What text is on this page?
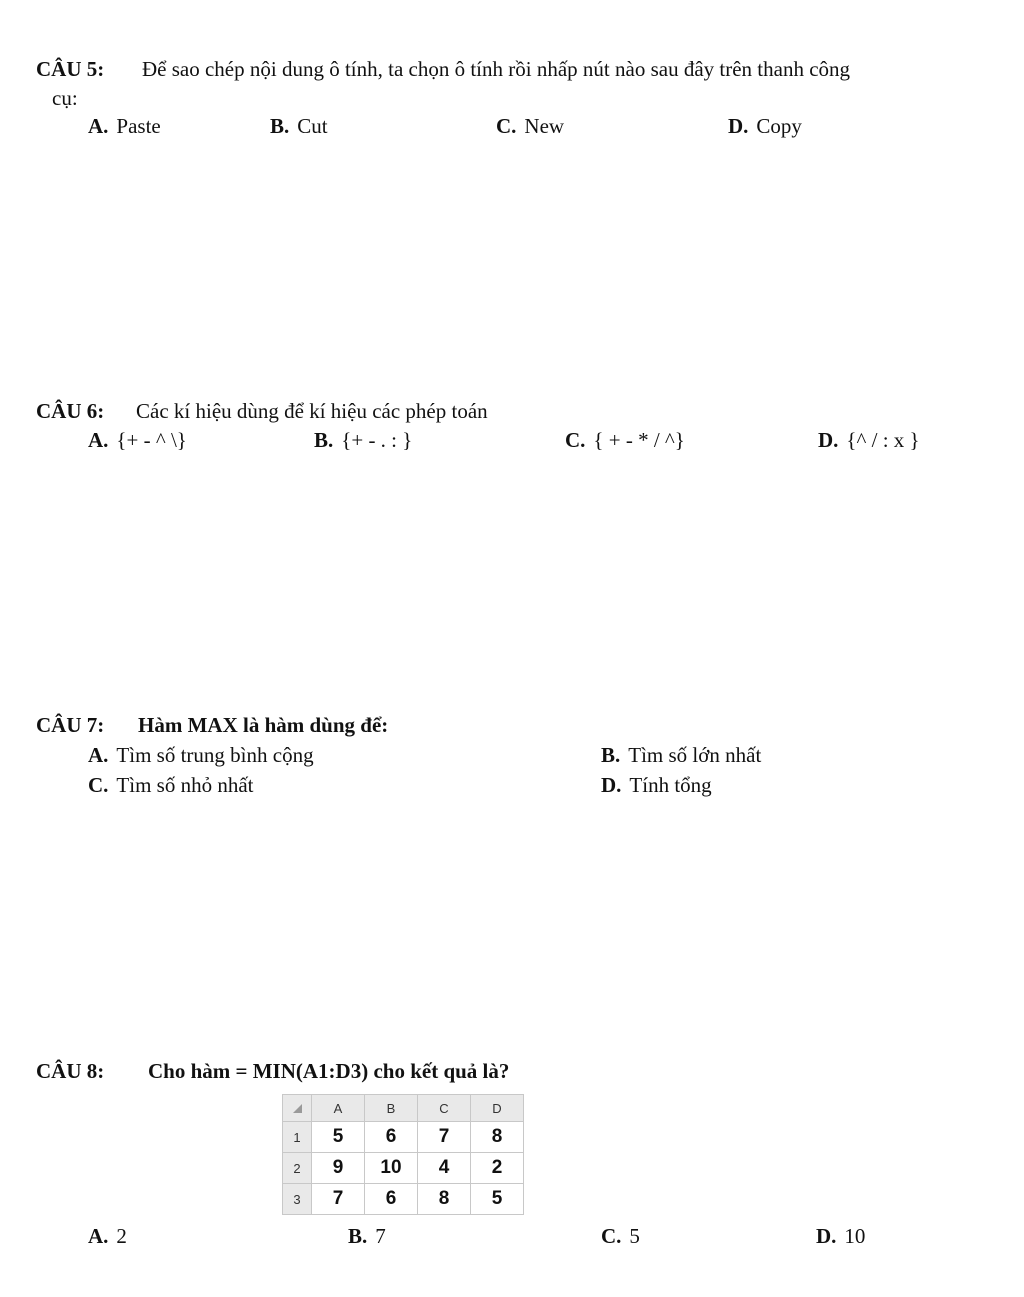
CÂU 5: Để sao chép nội dung ô tính, ta chọn ô tính rồi nhấp nút nào sau đây trên thanh công
cụ:
A. Paste	B. Cut	C. New	D. Copy
CÂU 6: Các kí hiệu dùng để kí hiệu các phép toán
A. {+ - ^ \}	B. {+ - . : }	C. { + - * / ^}	D. {^ / : x }
CÂU 7: Hàm MAX là hàm dùng để:
A. Tìm số trung bình cộng	B. Tìm số lớn nhất
C. Tìm số nhỏ nhất	D. Tính tổng
CÂU 8: Cho hàm = MIN(A1:D3) cho kết quả là?
	A	B	C	D
1	5	6	7	8
2	9	10	4	2
3	7	6	8	5
A. 2	B. 7	C. 5	D. 10
